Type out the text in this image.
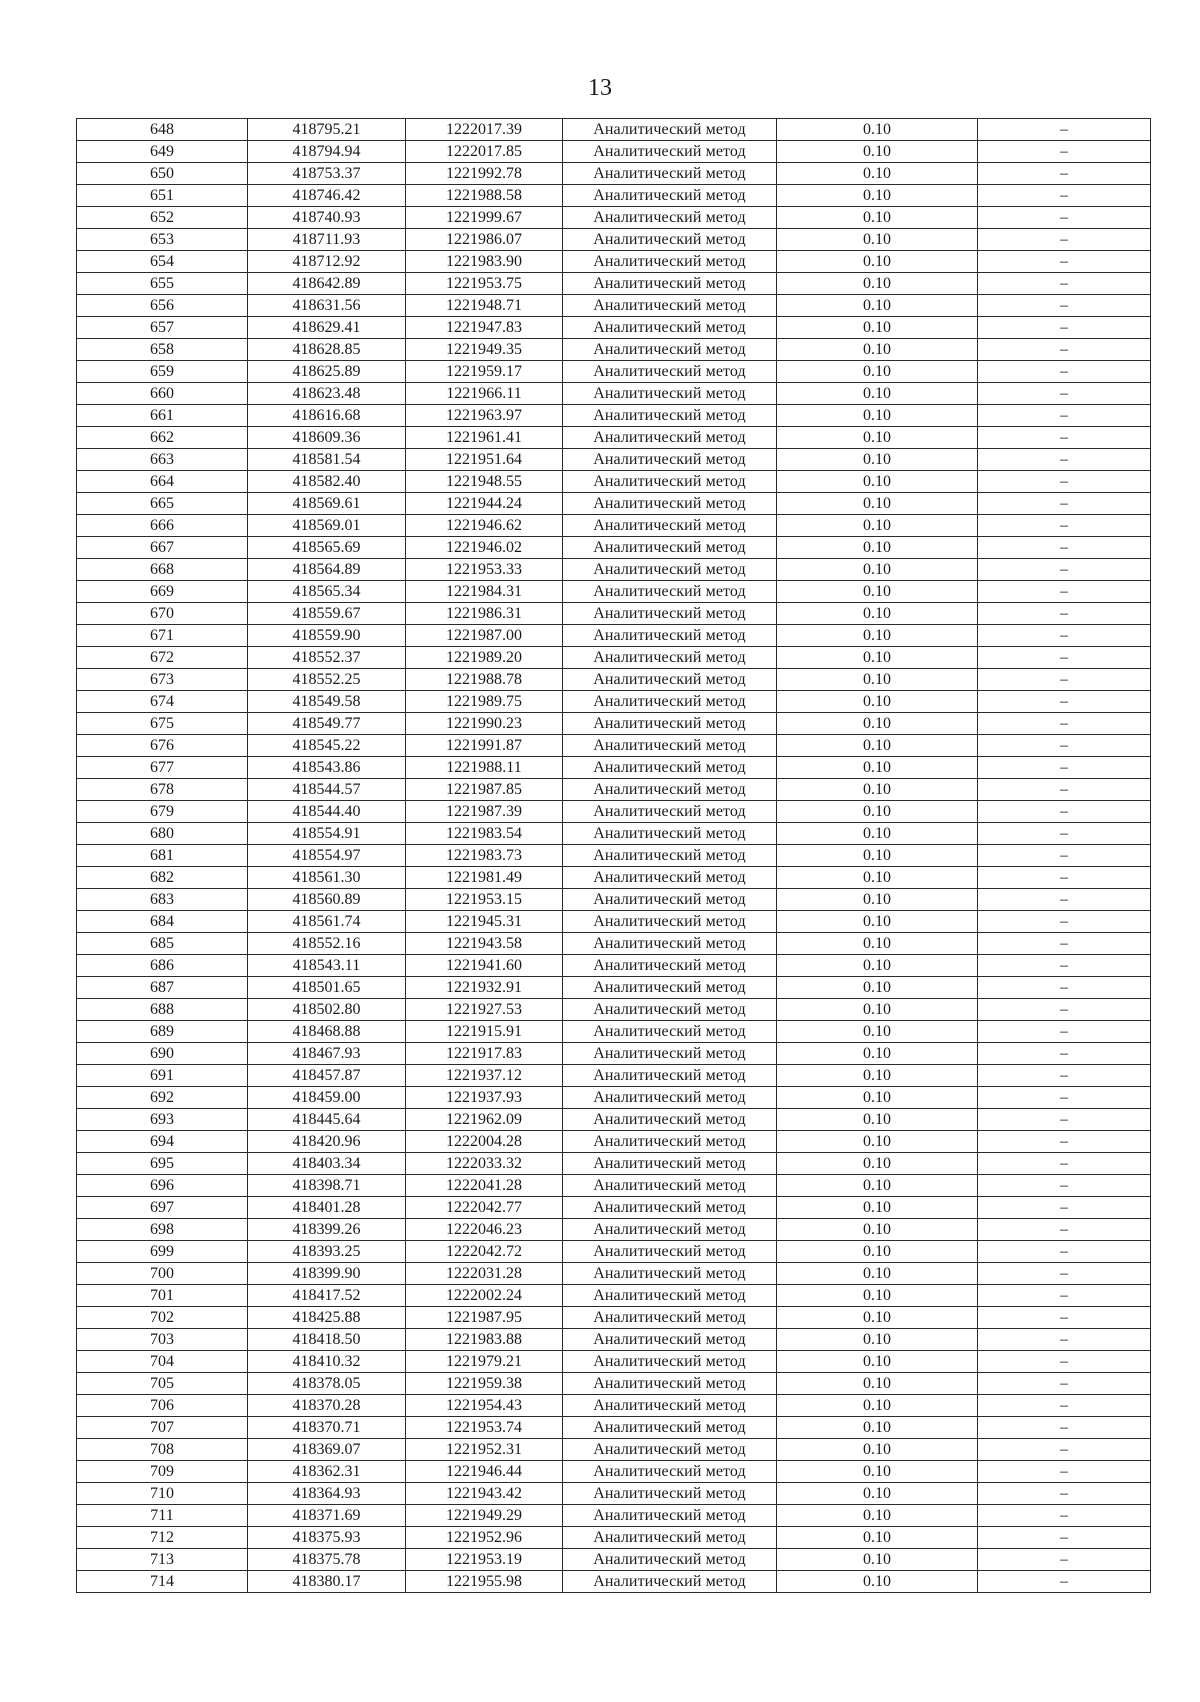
13
648	418795.21	1222017.39	Аналитический метод	0.10	–
649	418794.94	1222017.85	Аналитический метод	0.10	–
650	418753.37	1221992.78	Аналитический метод	0.10	–
651	418746.42	1221988.58	Аналитический метод	0.10	–
652	418740.93	1221999.67	Аналитический метод	0.10	–
653	418711.93	1221986.07	Аналитический метод	0.10	–
654	418712.92	1221983.90	Аналитический метод	0.10	–
655	418642.89	1221953.75	Аналитический метод	0.10	–
656	418631.56	1221948.71	Аналитический метод	0.10	–
657	418629.41	1221947.83	Аналитический метод	0.10	–
658	418628.85	1221949.35	Аналитический метод	0.10	–
659	418625.89	1221959.17	Аналитический метод	0.10	–
660	418623.48	1221966.11	Аналитический метод	0.10	–
661	418616.68	1221963.97	Аналитический метод	0.10	–
662	418609.36	1221961.41	Аналитический метод	0.10	–
663	418581.54	1221951.64	Аналитический метод	0.10	–
664	418582.40	1221948.55	Аналитический метод	0.10	–
665	418569.61	1221944.24	Аналитический метод	0.10	–
666	418569.01	1221946.62	Аналитический метод	0.10	–
667	418565.69	1221946.02	Аналитический метод	0.10	–
668	418564.89	1221953.33	Аналитический метод	0.10	–
669	418565.34	1221984.31	Аналитический метод	0.10	–
670	418559.67	1221986.31	Аналитический метод	0.10	–
671	418559.90	1221987.00	Аналитический метод	0.10	–
672	418552.37	1221989.20	Аналитический метод	0.10	–
673	418552.25	1221988.78	Аналитический метод	0.10	–
674	418549.58	1221989.75	Аналитический метод	0.10	–
675	418549.77	1221990.23	Аналитический метод	0.10	–
676	418545.22	1221991.87	Аналитический метод	0.10	–
677	418543.86	1221988.11	Аналитический метод	0.10	–
678	418544.57	1221987.85	Аналитический метод	0.10	–
679	418544.40	1221987.39	Аналитический метод	0.10	–
680	418554.91	1221983.54	Аналитический метод	0.10	–
681	418554.97	1221983.73	Аналитический метод	0.10	–
682	418561.30	1221981.49	Аналитический метод	0.10	–
683	418560.89	1221953.15	Аналитический метод	0.10	–
684	418561.74	1221945.31	Аналитический метод	0.10	–
685	418552.16	1221943.58	Аналитический метод	0.10	–
686	418543.11	1221941.60	Аналитический метод	0.10	–
687	418501.65	1221932.91	Аналитический метод	0.10	–
688	418502.80	1221927.53	Аналитический метод	0.10	–
689	418468.88	1221915.91	Аналитический метод	0.10	–
690	418467.93	1221917.83	Аналитический метод	0.10	–
691	418457.87	1221937.12	Аналитический метод	0.10	–
692	418459.00	1221937.93	Аналитический метод	0.10	–
693	418445.64	1221962.09	Аналитический метод	0.10	–
694	418420.96	1222004.28	Аналитический метод	0.10	–
695	418403.34	1222033.32	Аналитический метод	0.10	–
696	418398.71	1222041.28	Аналитический метод	0.10	–
697	418401.28	1222042.77	Аналитический метод	0.10	–
698	418399.26	1222046.23	Аналитический метод	0.10	–
699	418393.25	1222042.72	Аналитический метод	0.10	–
700	418399.90	1222031.28	Аналитический метод	0.10	–
701	418417.52	1222002.24	Аналитический метод	0.10	–
702	418425.88	1221987.95	Аналитический метод	0.10	–
703	418418.50	1221983.88	Аналитический метод	0.10	–
704	418410.32	1221979.21	Аналитический метод	0.10	–
705	418378.05	1221959.38	Аналитический метод	0.10	–
706	418370.28	1221954.43	Аналитический метод	0.10	–
707	418370.71	1221953.74	Аналитический метод	0.10	–
708	418369.07	1221952.31	Аналитический метод	0.10	–
709	418362.31	1221946.44	Аналитический метод	0.10	–
710	418364.93	1221943.42	Аналитический метод	0.10	–
711	418371.69	1221949.29	Аналитический метод	0.10	–
712	418375.93	1221952.96	Аналитический метод	0.10	–
713	418375.78	1221953.19	Аналитический метод	0.10	–
714	418380.17	1221955.98	Аналитический метод	0.10	–
